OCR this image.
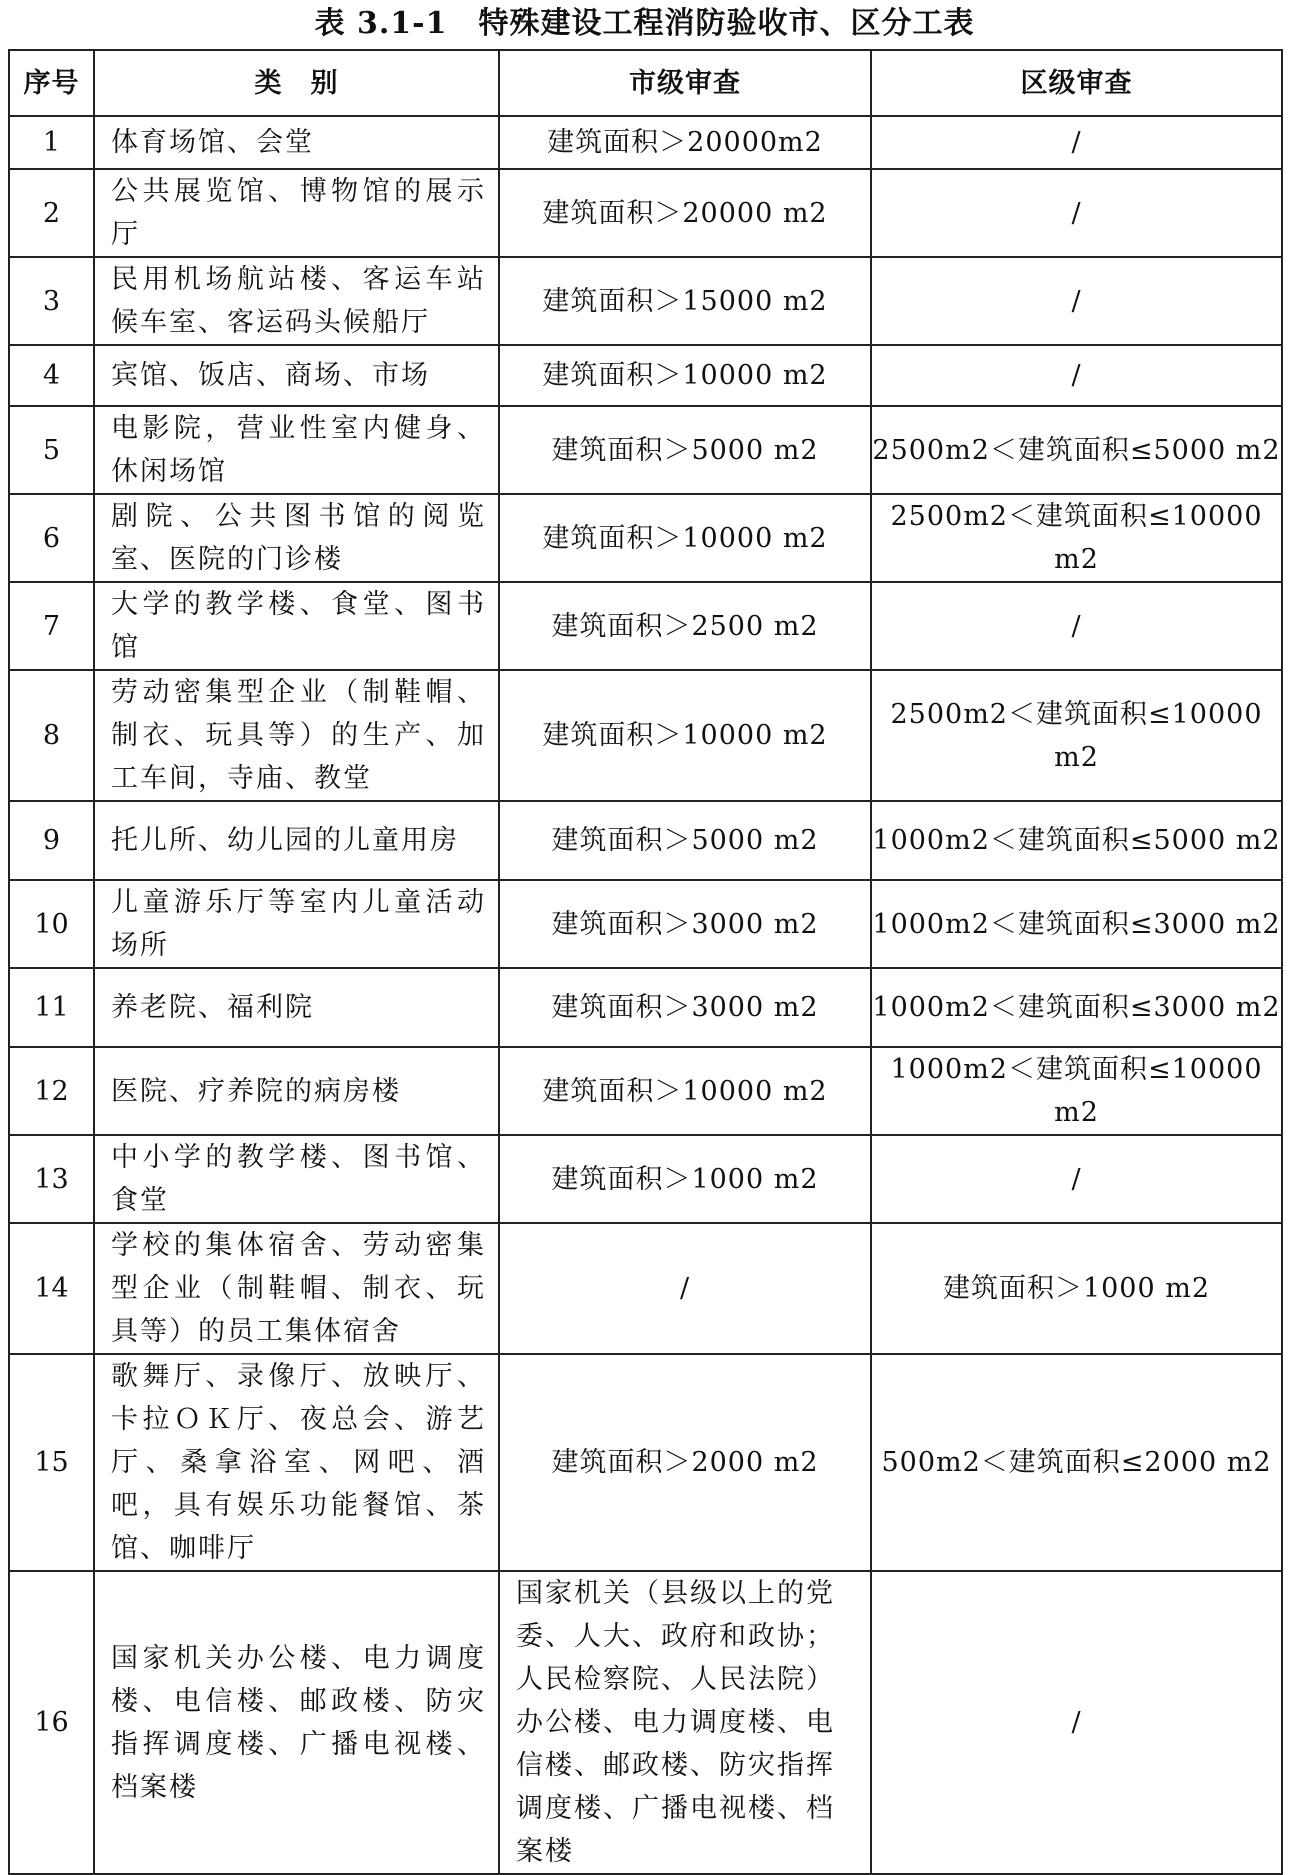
表 3.1-1　特殊建设工程消防验收市、区分工表
序号	类　别	市级审查	区级审查
1	体育场馆、会堂	建筑面积＞20000m2	/
2	公共展览馆、博物馆的展示厅	建筑面积＞20000 m2	/
3	民用机场航站楼、客运车站候车室、客运码头候船厅	建筑面积＞15000 m2	/
4	宾馆、饭店、商场、市场	建筑面积＞10000 m2	/
5	电影院，营业性室内健身、休闲场馆	建筑面积＞5000 m2	2500m2＜建筑面积≤5000 m2
6	剧院、公共图书馆的阅览室、医院的门诊楼	建筑面积＞10000 m2	2500m2＜建筑面积≤10000 m2
7	大学的教学楼、食堂、图书馆	建筑面积＞2500 m2	/
8	劳动密集型企业（制鞋帽、制衣、玩具等）的生产、加工车间，寺庙、教堂	建筑面积＞10000 m2	2500m2＜建筑面积≤10000 m2
9	托儿所、幼儿园的儿童用房	建筑面积＞5000 m2	1000m2＜建筑面积≤5000 m2
10	儿童游乐厅等室内儿童活动场所	建筑面积＞3000 m2	1000m2＜建筑面积≤3000 m2
11	养老院、福利院	建筑面积＞3000 m2	1000m2＜建筑面积≤3000 m2
12	医院、疗养院的病房楼	建筑面积＞10000 m2	1000m2＜建筑面积≤10000 m2
13	中小学的教学楼、图书馆、食堂	建筑面积＞1000 m2	/
14	学校的集体宿舍、劳动密集型企业（制鞋帽、制衣、玩具等）的员工集体宿舍	/	建筑面积＞1000 m2
15	歌舞厅、录像厅、放映厅、卡拉ＯＫ厅、夜总会、游艺厅、桑拿浴室、网吧、酒吧，具有娱乐功能餐馆、茶馆、咖啡厅	建筑面积＞2000 m2	500m2＜建筑面积≤2000 m2
16	国家机关办公楼、电力调度楼、电信楼、邮政楼、防灾指挥调度楼、广播电视楼、档案楼	国家机关（县级以上的党委、人大、政府和政协；人民检察院、人民法院）办公楼、电力调度楼、电信楼、邮政楼、防灾指挥调度楼、广播电视楼、档案楼	/
